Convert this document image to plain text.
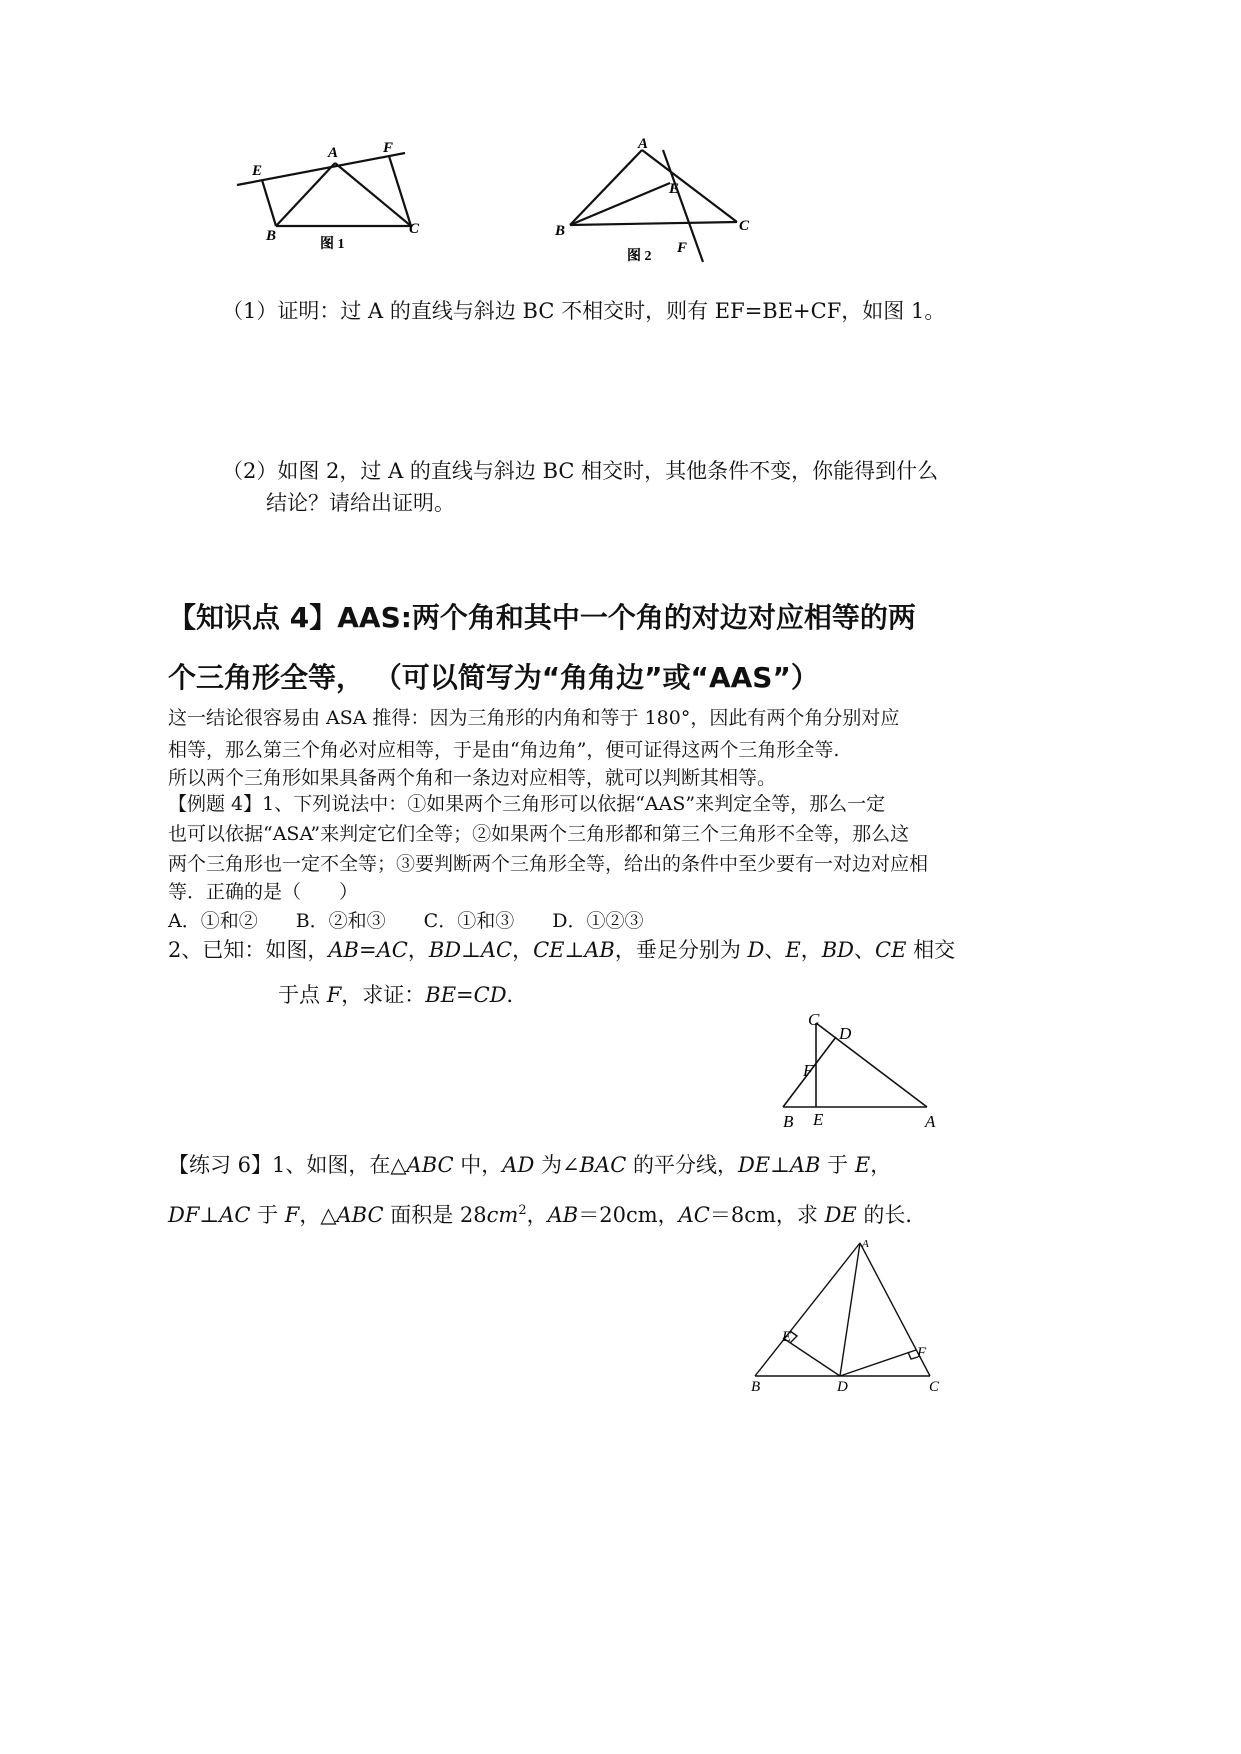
E
A	F
B	C
图 1
A
E
B	C
F
图 2
（1）证明：过 A 的直线与斜边 BC 不相交时，则有 EF=BE+CF，如图 1。
（2）如图 2，过 A 的直线与斜边 BC 相交时，其他条件不变，你能得到什么
结论？请给出证明。
【知识点 4】AAS:两个角和其中一个角的对边对应相等的两
个三角形全等， （可以简写为“角角边”或“AAS”）
这一结论很容易由 ASA 推得：因为三角形的内角和等于 180°，因此有两个角分别对应
相等，那么第三个角必对应相等，于是由“角边角”，便可证得这两个三角形全等.
所以两个三角形如果具备两个角和一条边对应相等，就可以判断其相等。
【例题 4】1、下列说法中：①如果两个三角形可以依据“AAS”来判定全等，那么一定
也可以依据“ASA”来判定它们全等；②如果两个三角形都和第三个三角形不全等，那么这
两个三角形也一定不全等；③要判断两个三角形全等，给出的条件中至少要有一对边对应相
等．正确的是（　　）
A．①和②　　B．②和③　　C．①和③　　D．①②③
2、已知：如图，AB=AC，BD⊥AC，CE⊥AB，垂足分别为 D、E，BD、CE 相交
于点 F，求证：BE=CD．
C
D
F
B E	A
【练习 6】1、如图，在△ABC 中，AD 为∠BAC 的平分线，DE⊥AB 于 E，
DF⊥AC 于 F，△ABC 面积是 $28cm^2$，AB＝20cm，AC＝8cm，求 DE 的长．
A
E
F
B	D	C
